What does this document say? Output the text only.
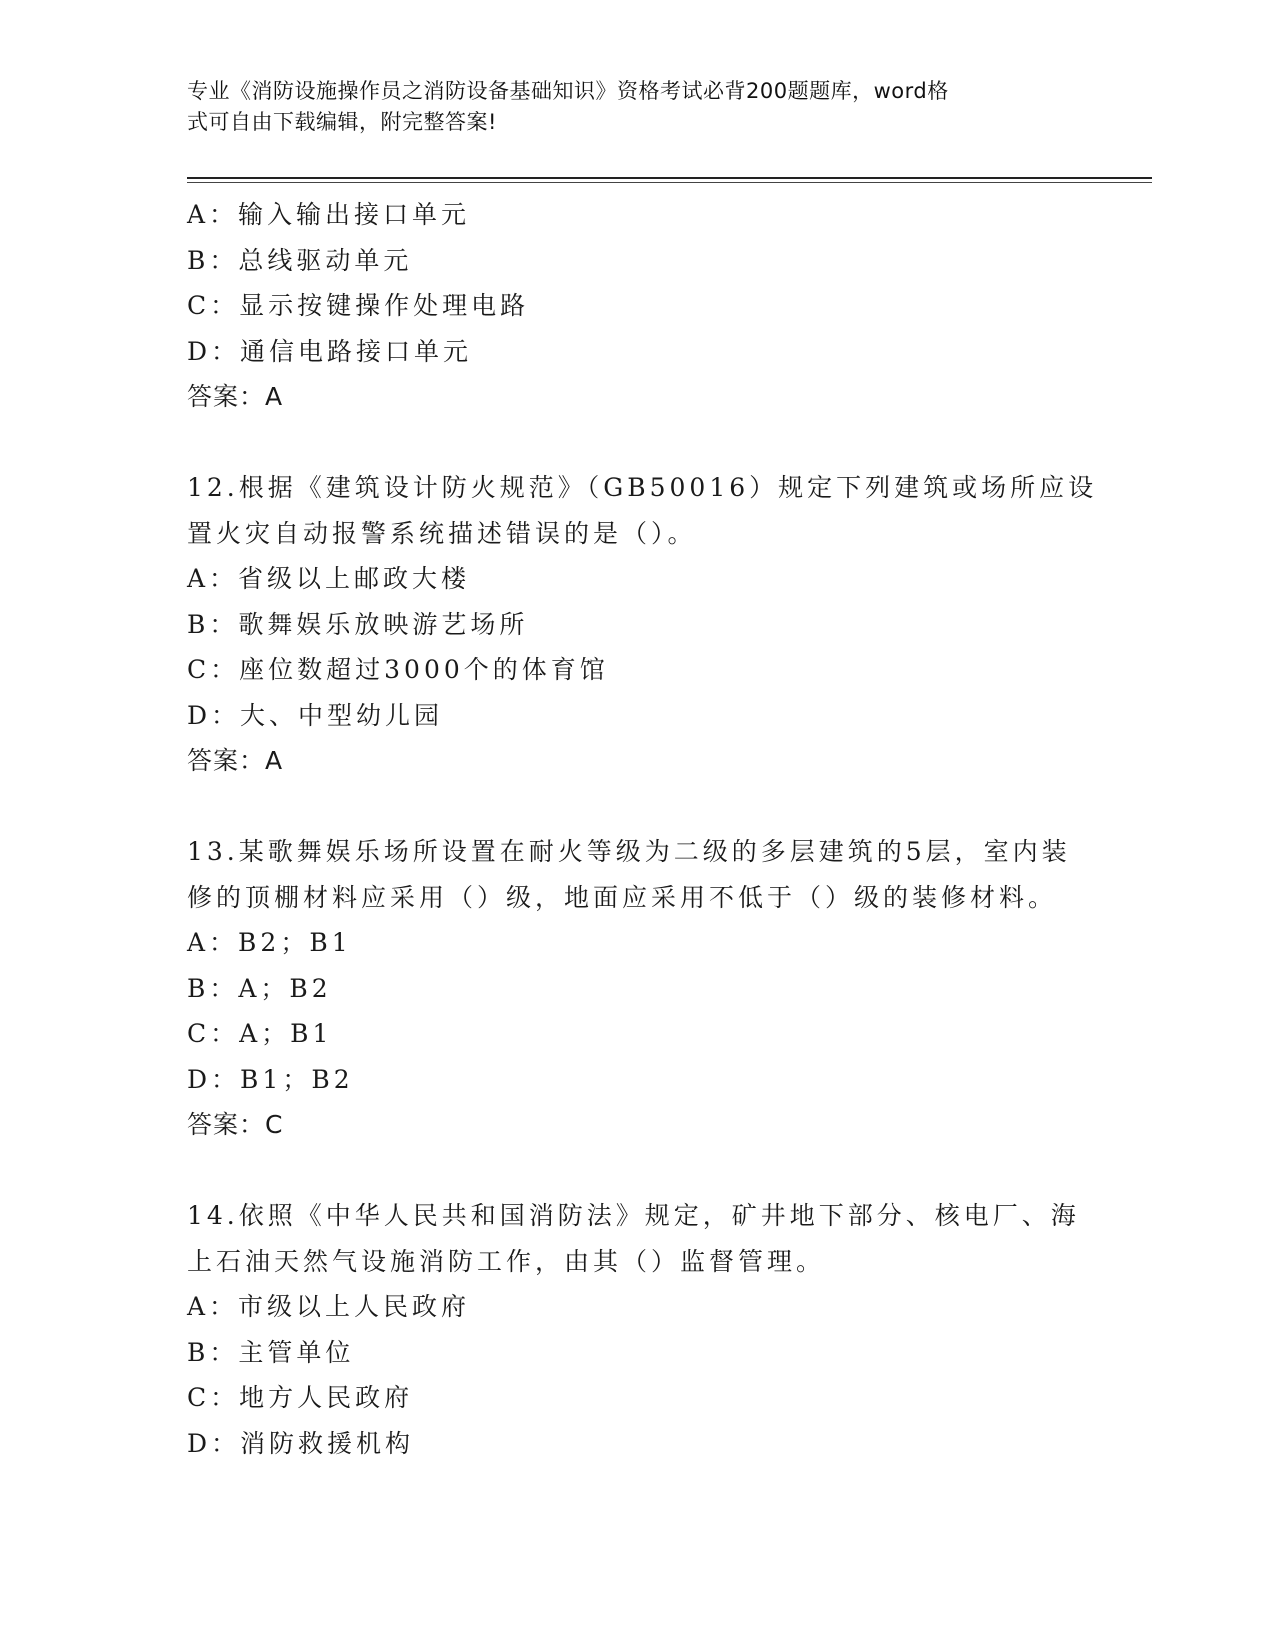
专业《消防设施操作员之消防设备基础知识》资格考试必背200题题库，word格
式可自由下载编辑，附完整答案!
A：输入输出接口单元
B：总线驱动单元
C：显示按键操作处理电路
D：通信电路接口单元
答案：A
12.根据《建筑设计防火规范》（GB50016）规定下列建筑或场所应设
置火灾自动报警系统描述错误的是（）。
A：省级以上邮政大楼
B：歌舞娱乐放映游艺场所
C：座位数超过3000个的体育馆
D：大、中型幼儿园
答案：A
13.某歌舞娱乐场所设置在耐火等级为二级的多层建筑的5层，室内装
修的顶棚材料应采用（）级，地面应采用不低于（）级的装修材料。
A：B2；B1
B：A；B2
C：A；B1
D：B1；B2
答案：C
14.依照《中华人民共和国消防法》规定，矿井地下部分、核电厂、海
上石油天然气设施消防工作，由其（）监督管理。
A：市级以上人民政府
B：主管单位
C：地方人民政府
D：消防救援机构
